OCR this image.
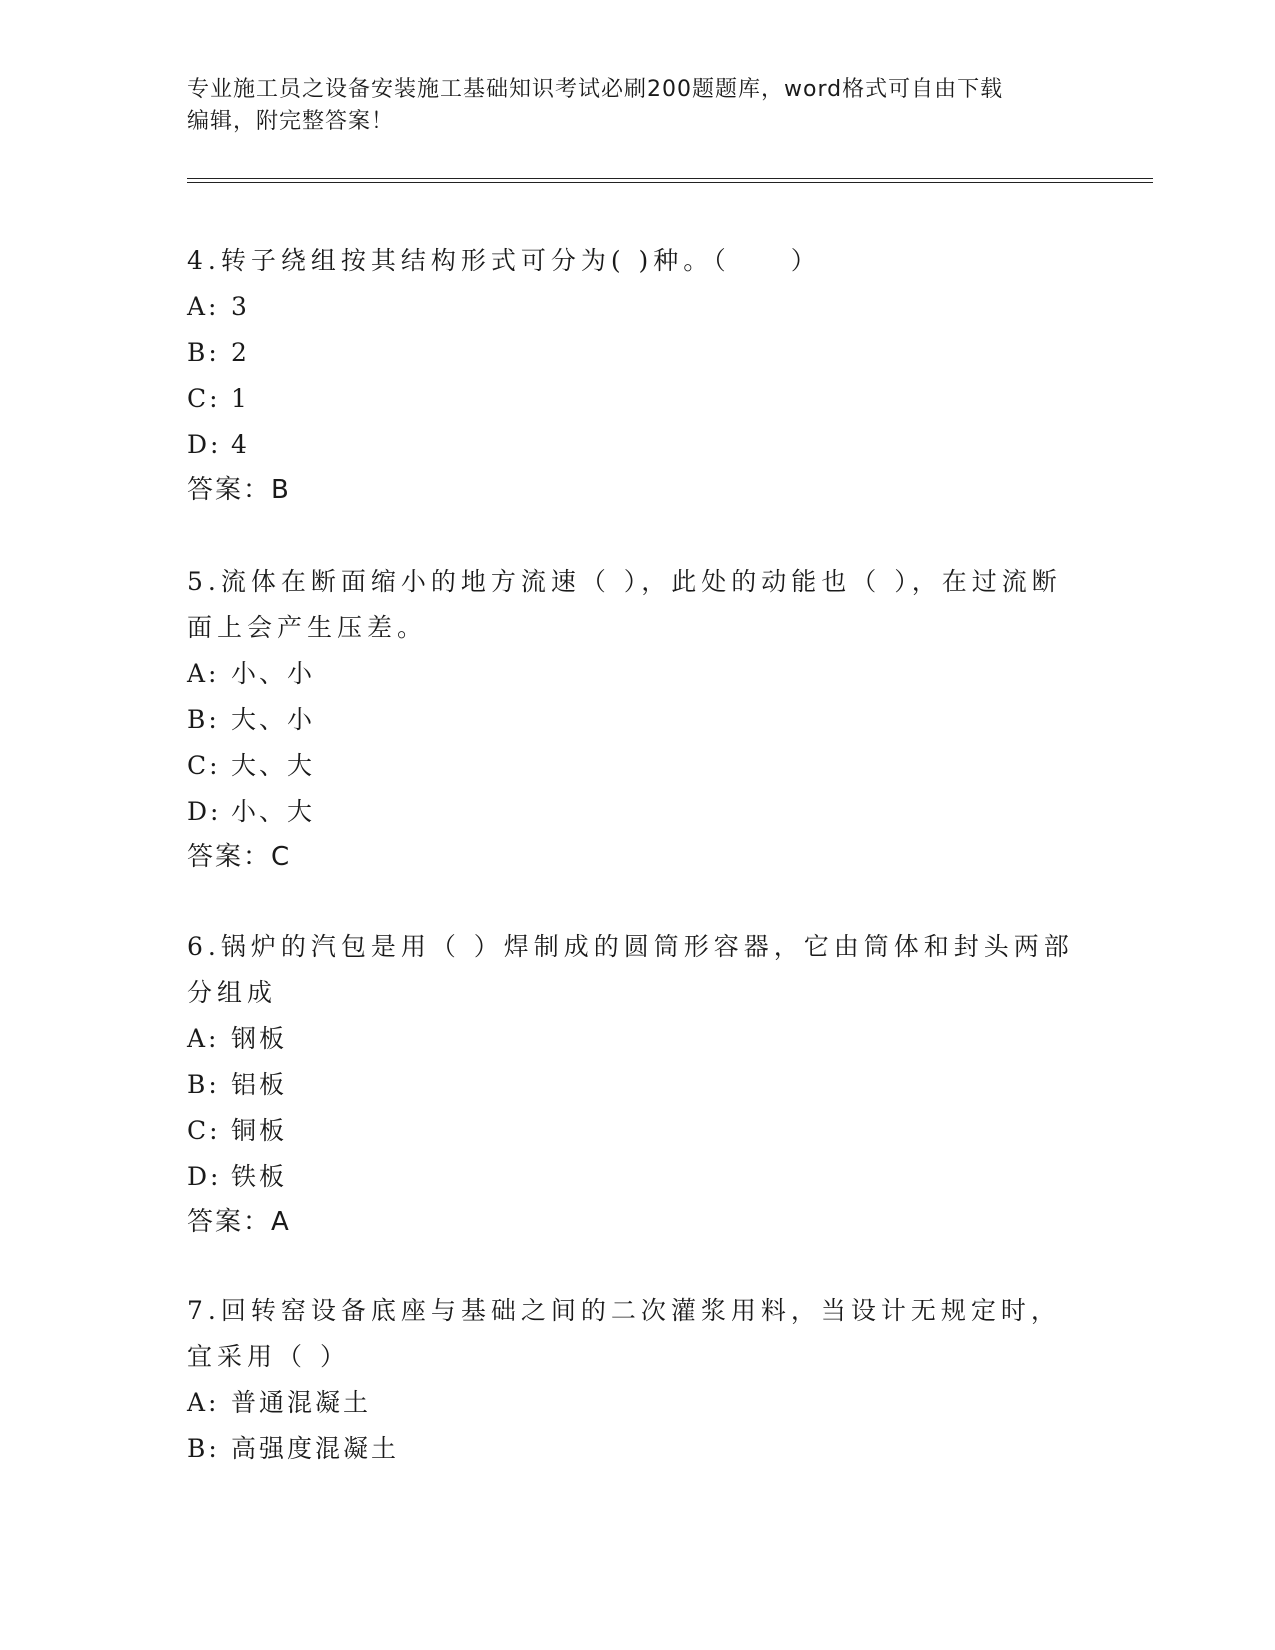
专业施工员之设备安装施工基础知识考试必刷200题题库，word格式可自由下载
编辑，附完整答案！

4.转子绕组按其结构形式可分为( )种。（　　）

A: 3

B: 2

C: 1

D: 4

答案：B

5.流体在断面缩小的地方流速（ ），此处的动能也（ ），在过流断面上会产生压差。

A: 小、小

B: 大、小

C: 大、大

D: 小、大

答案：C

6.锅炉的汽包是用（ ）焊制成的圆筒形容器，它由筒体和封头两部分组成

A: 钢板

B: 铝板

C: 铜板

D: 铁板

答案：A

7.回转窑设备底座与基础之间的二次灌浆用料，当设计无规定时，宜采用（ ）

A: 普通混凝土

B: 高强度混凝土
